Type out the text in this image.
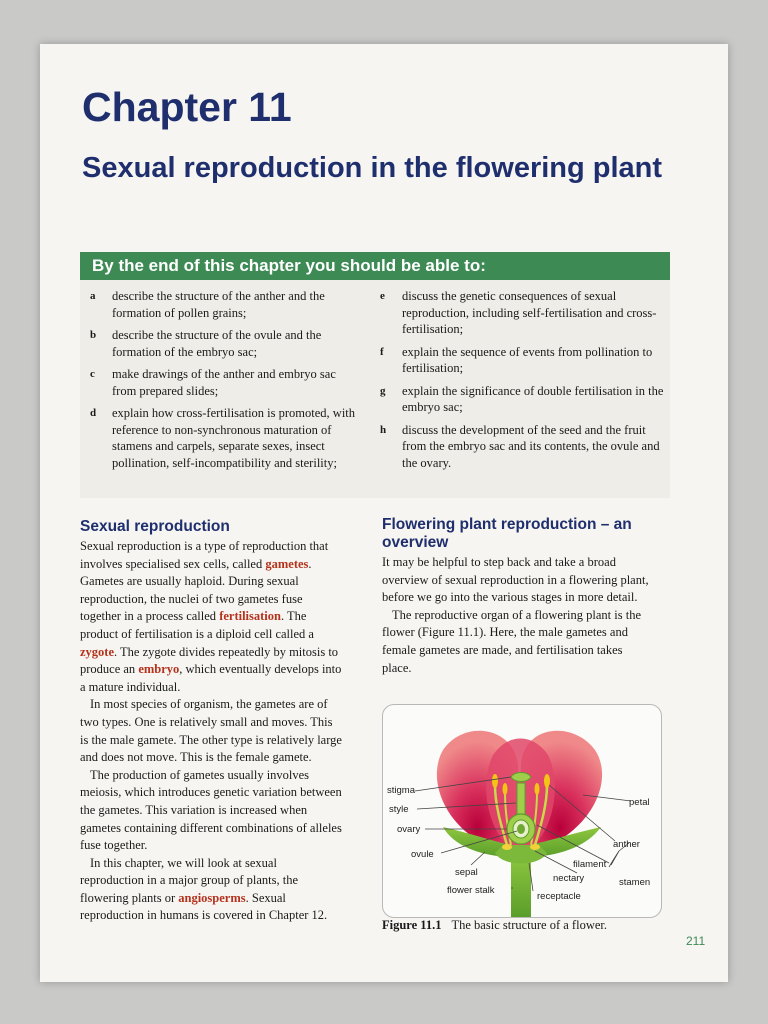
Chapter 11
Sexual reproduction in the flowering plant
By the end of this chapter you should be able to:
a	describe the structure of the anther and the formation of pollen grains;
b	describe the structure of the ovule and the formation of the embryo sac;
c	make drawings of the anther and embryo sac from prepared slides;
d	explain how cross-fertilisation is promoted, with reference to non-synchronous maturation of stamens and carpels, separate sexes, insect pollination, self-incompatibility and sterility;
e	discuss the genetic consequences of sexual reproduction, including self-fertilisation and cross-fertilisation;
f	explain the sequence of events from pollination to fertilisation;
g	explain the significance of double fertilisation in the embryo sac;
h	discuss the development of the seed and the fruit from the embryo sac and its contents, the ovule and the ovary.
Sexual reproduction

Sexual reproduction is a type of reproduction that involves specialised sex cells, called gametes. Gametes are usually haploid. During sexual reproduction, the nuclei of two gametes fuse together in a process called fertilisation. The product of fertilisation is a diploid cell called a zygote. The zygote divides repeatedly by mitosis to produce an embryo, which eventually develops into a mature individual.

In most species of organism, the gametes are of two types. One is relatively small and moves. This is the male gamete. The other type is relatively large and does not move. This is the female gamete.

The production of gametes usually involves meiosis, which introduces genetic variation between the gametes. This variation is increased when gametes containing different combinations of alleles fuse together.

In this chapter, we will look at sexual reproduction in a major group of plants, the flowering plants or angiosperms. Sexual reproduction in humans is covered in Chapter 12.

Flowering plant reproduction – an overview

It may be helpful to step back and take a broad overview of sexual reproduction in a flowering plant, before we go into the various stages in more detail.

The reproductive organ of a flowering plant is the flower (Figure 11.1). Here, the male gametes and female gametes are made, and fertilisation takes place.

stigma
style
ovary
ovule
sepal
flower stalk
petal
anther
filament
nectary	stamen
receptacle
Figure 11.1 The basic structure of a flower.
211
